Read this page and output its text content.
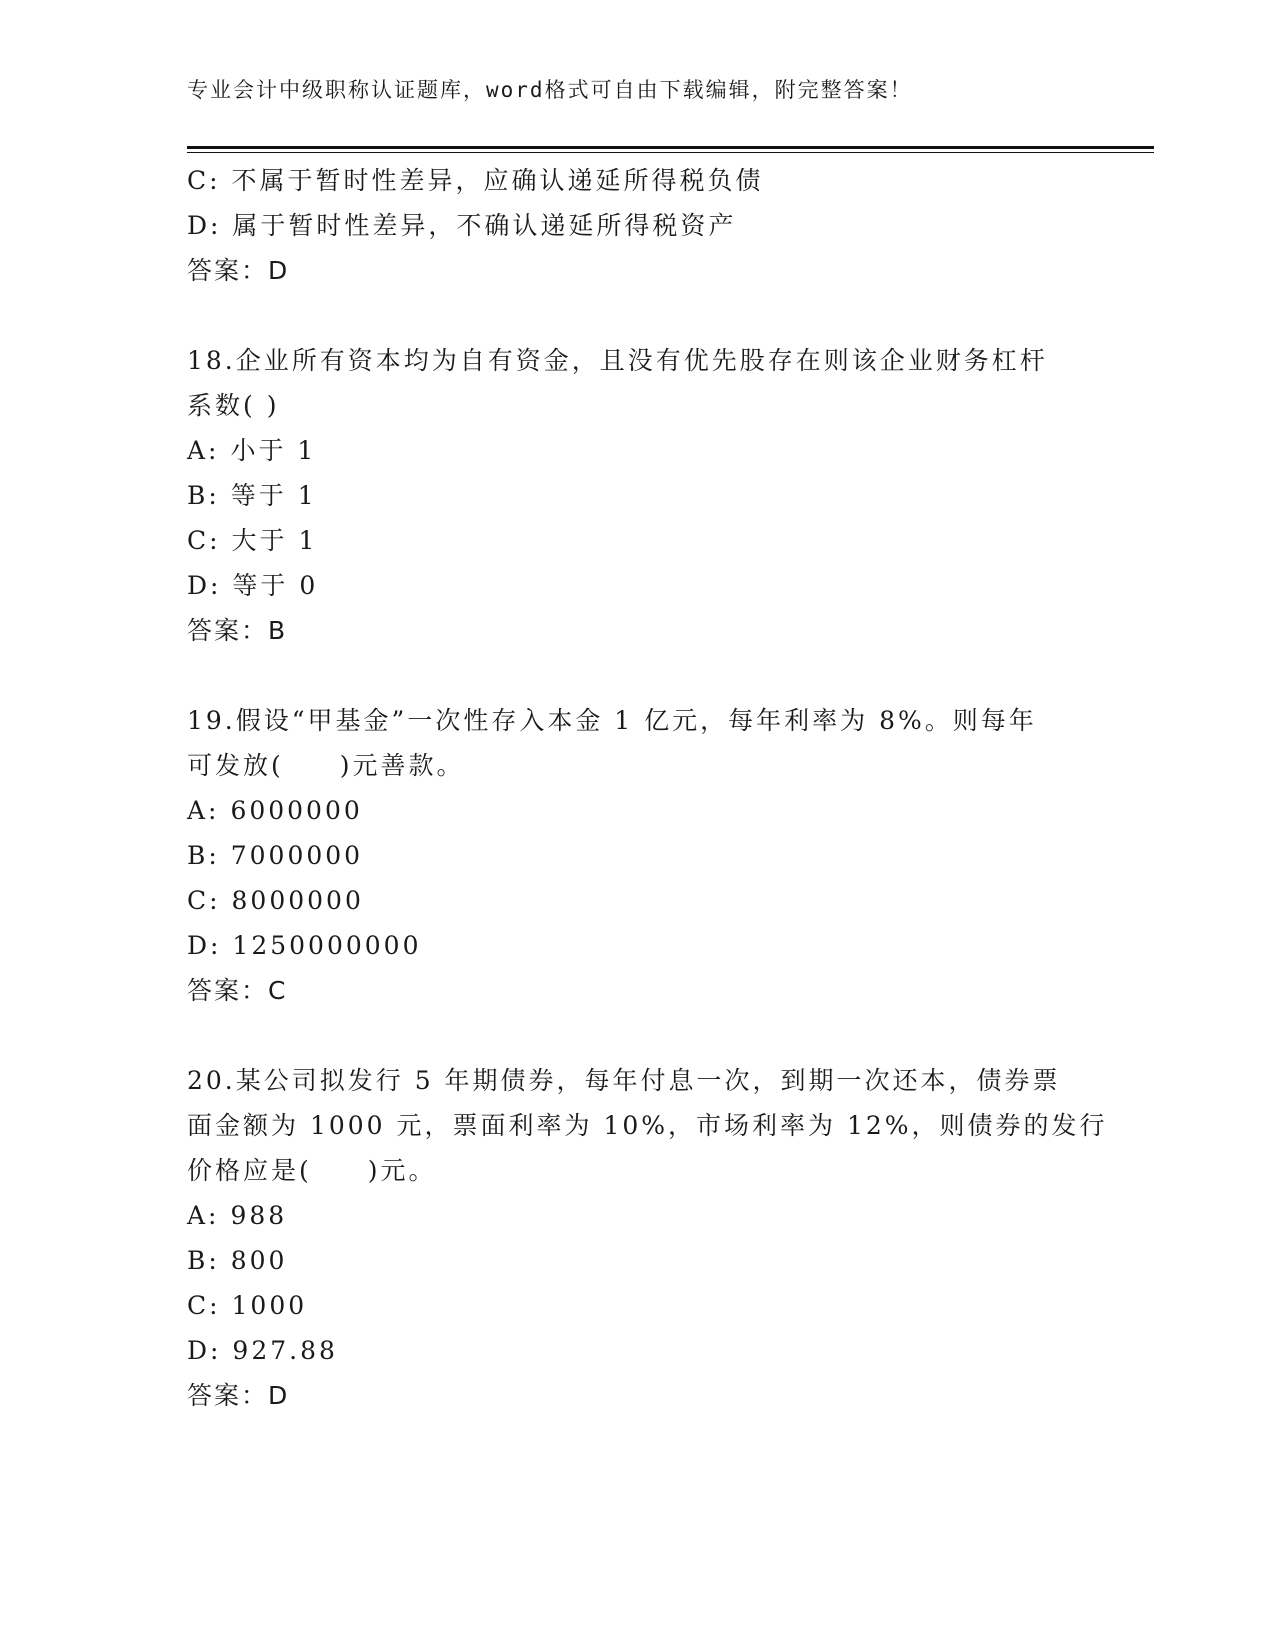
专业会计中级职称认证题库，word格式可自由下载编辑，附完整答案！
C: 不属于暂时性差异，应确认递延所得税负债
D: 属于暂时性差异，不确认递延所得税资产
答案：D
18.企业所有资本均为自有资金，且没有优先股存在则该企业财务杠杆
系数( )
A: 小于 1
B: 等于 1
C: 大于 1
D: 等于 0
答案：B
19.假设“甲基金”一次性存入本金 1 亿元，每年利率为 8%。则每年
可发放(　　)元善款。
A: 6000000
B: 7000000
C: 8000000
D: 1250000000
答案：C
20.某公司拟发行 5 年期债券，每年付息一次，到期一次还本，债券票
面金额为 1000 元，票面利率为 10%，市场利率为 12%，则债券的发行
价格应是(　　)元。
A: 988
B: 800
C: 1000
D: 927.88
答案：D
